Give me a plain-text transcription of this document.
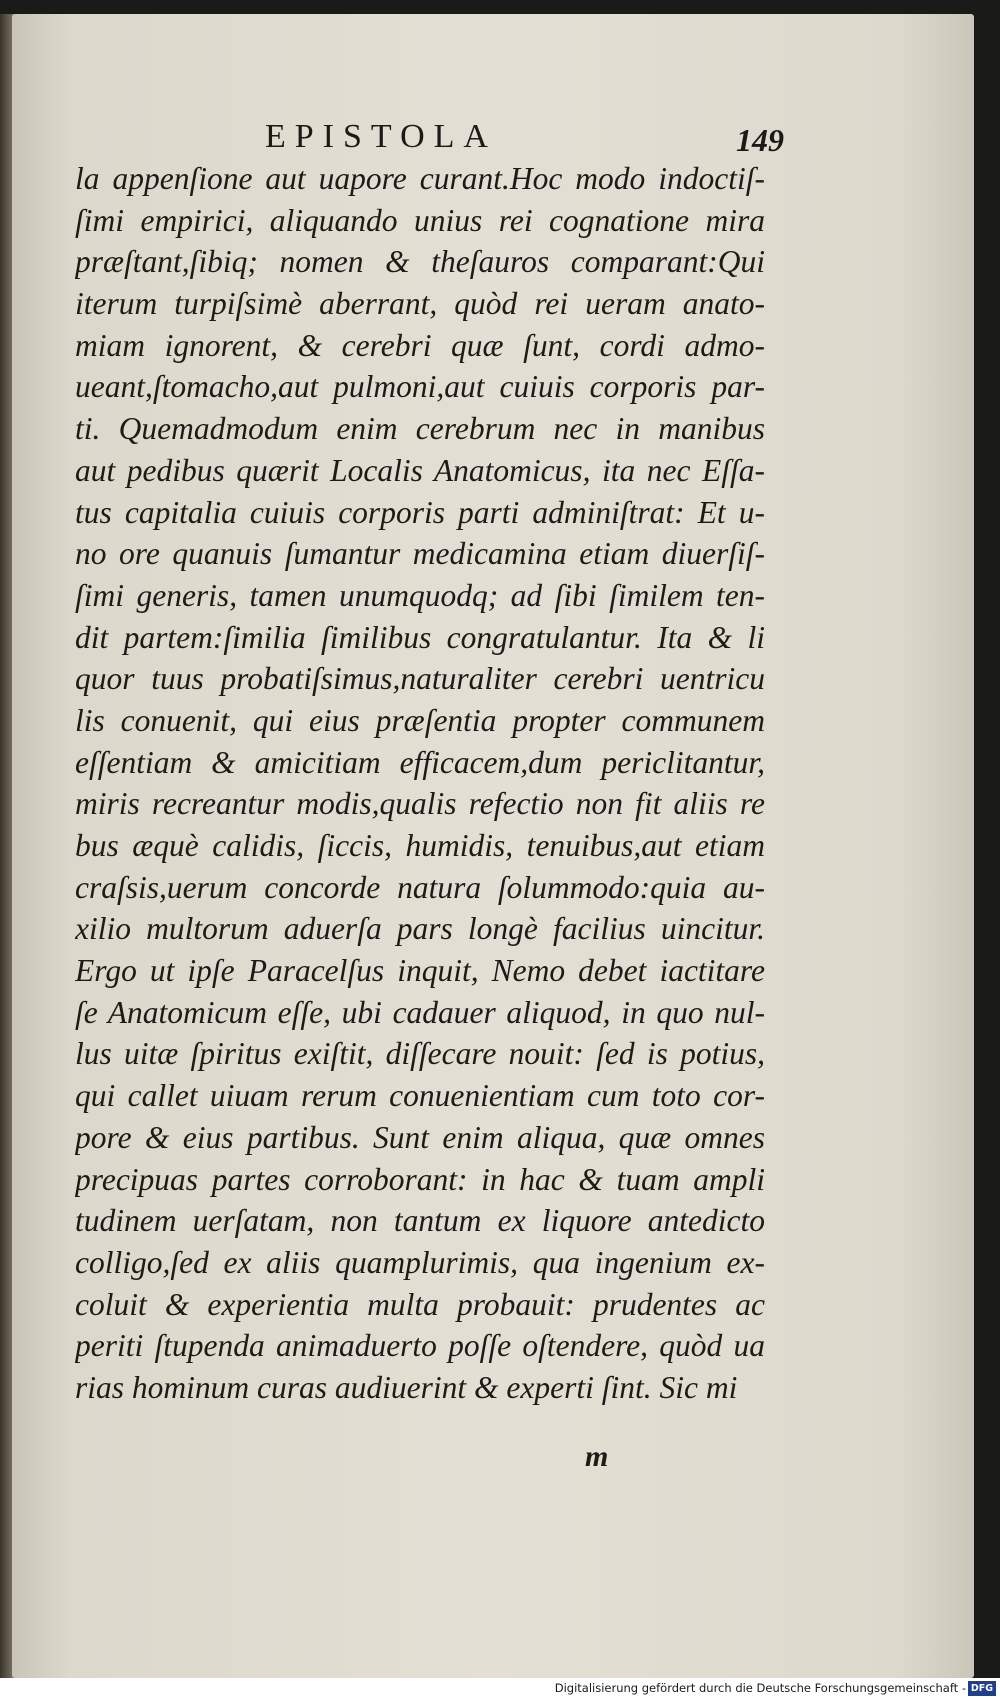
EPISTOLA	149
la appenſione aut uapore curant.Hoc modo indoctiſ-
ſimi empirici, aliquando unius rei cognatione mira
præſtant,ſibiq; nomen & theſauros comparant:Qui
iterum turpiſsimè aberrant, quòd rei ueram anato-
miam ignorent, & cerebri quæ ſunt, cordi admo-
ueant,ſtomacho,aut pulmoni,aut cuiuis corporis par-
ti. Quemadmodum enim cerebrum nec in manibus
aut pedibus quærit Localis Anatomicus, ita nec Eſſa-
tus capitalia cuiuis corporis parti adminiſtrat: Et u-
no ore quanuis ſumantur medicamina etiam diuerſiſ-
ſimi generis, tamen unumquodq; ad ſibi ſimilem ten-
dit partem:ſimilia ſimilibus congratulantur. Ita & li
quor tuus probatiſsimus,naturaliter cerebri uentricu
lis conuenit, qui eius præſentia propter communem
eſſentiam & amicitiam efficacem,dum periclitantur,
miris recreantur modis,qualis refectio non fit aliis re
bus æquè calidis, ſiccis, humidis, tenuibus,aut etiam
craſsis,uerum concorde natura ſolummodo:quia au-
xilio multorum aduerſa pars longè facilius uincitur.
Ergo ut ipſe Paracelſus inquit, Nemo debet iactitare
ſe Anatomicum eſſe, ubi cadauer aliquod, in quo nul-
lus uitæ ſpiritus exiſtit, diſſecare nouit: ſed is potius,
qui callet uiuam rerum conuenientiam cum toto cor-
pore & eius partibus. Sunt enim aliqua, quæ omnes
precipuas partes corroborant: in hac & tuam ampli
tudinem uerſatam, non tantum ex liquore antedicto
colligo,ſed ex aliis quamplurimis, qua ingenium ex-
coluit & experientia multa probauit: prudentes ac
periti ſtupenda animaduerto poſſe oſtendere, quòd ua
rias hominum curas audiuerint & experti ſint. Sic mi
m
Digitalisierung gefördert durch die Deutsche Forschungsgemeinschaft - DFG
